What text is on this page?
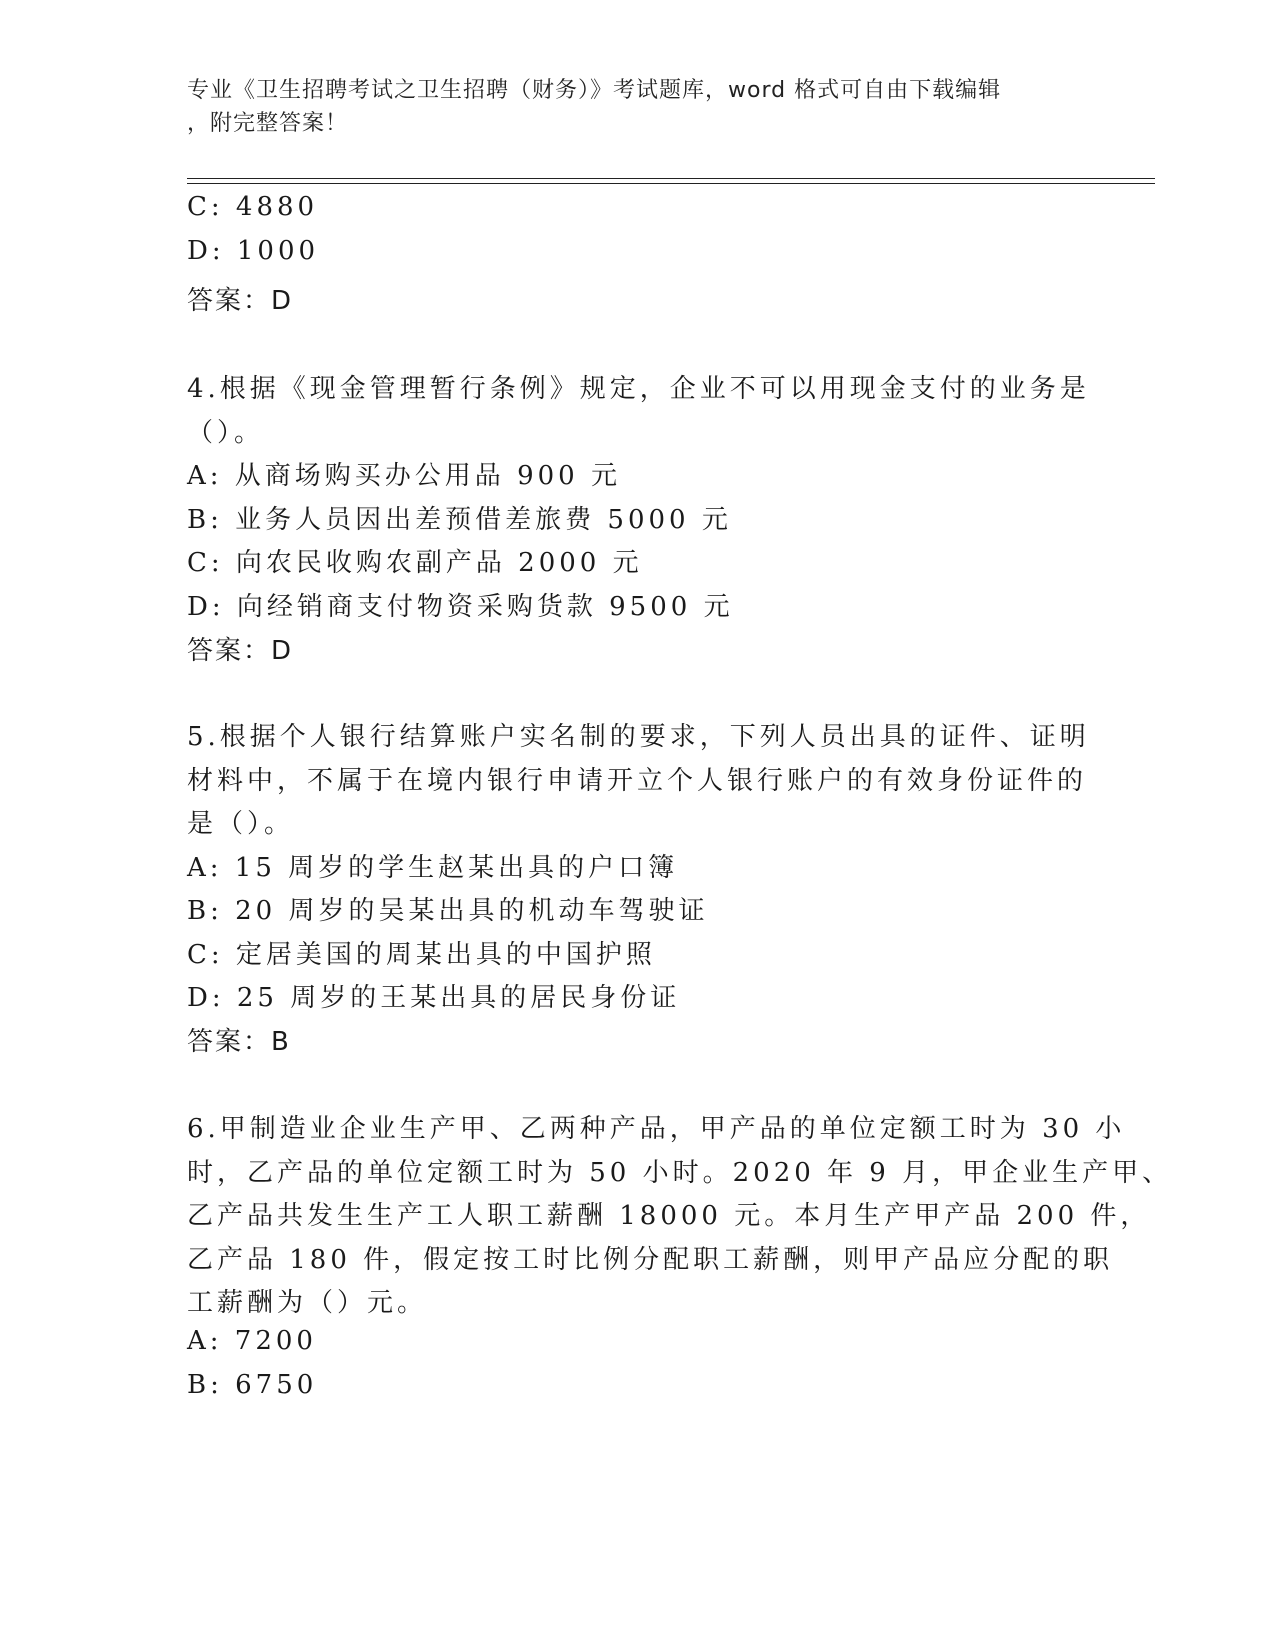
专业《卫生招聘考试之卫生招聘（财务）》考试题库，word 格式可自由下载编辑
，附完整答案！
C: 4880
D: 1000
答案：D
4.根据《现金管理暂行条例》规定，企业不可以用现金支付的业务是
（）。
A: 从商场购买办公用品 900 元
B: 业务人员因出差预借差旅费 5000 元
C: 向农民收购农副产品 2000 元
D: 向经销商支付物资采购货款 9500 元
答案：D
5.根据个人银行结算账户实名制的要求，下列人员出具的证件、证明
材料中，不属于在境内银行申请开立个人银行账户的有效身份证件的
是（）。
A: 15 周岁的学生赵某出具的户口簿
B: 20 周岁的吴某出具的机动车驾驶证
C: 定居美国的周某出具的中国护照
D: 25 周岁的王某出具的居民身份证
答案：B
6.甲制造业企业生产甲、乙两种产品，甲产品的单位定额工时为 30 小
时，乙产品的单位定额工时为 50 小时。2020 年 9 月，甲企业生产甲、
乙产品共发生生产工人职工薪酬 18000 元。本月生产甲产品 200 件，
乙产品 180 件，假定按工时比例分配职工薪酬，则甲产品应分配的职
工薪酬为（）元。
A: 7200
B: 6750
